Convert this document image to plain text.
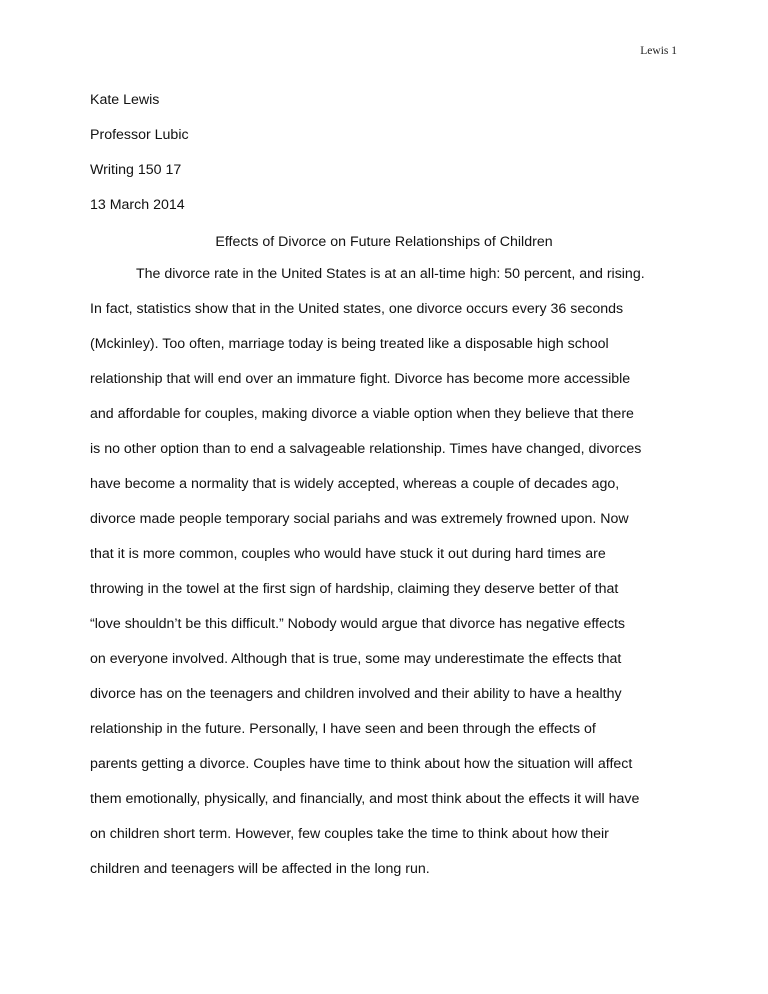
Lewis 1
Kate Lewis
Professor Lubic
Writing 150 17
13 March 2014
Effects of Divorce on Future Relationships of Children
The divorce rate in the United States is at an all-time high: 50 percent, and rising.
In fact, statistics show that in the United states, one divorce occurs every 36 seconds
(Mckinley). Too often, marriage today is being treated like a disposable high school
relationship that will end over an immature fight. Divorce has become more accessible
and affordable for couples, making divorce a viable option when they believe that there
is no other option than to end a salvageable relationship. Times have changed, divorces
have become a normality that is widely accepted, whereas a couple of decades ago,
divorce made people temporary social pariahs and was extremely frowned upon. Now
that it is more common, couples who would have stuck it out during hard times are
throwing in the towel at the first sign of hardship, claiming they deserve better of that
“love shouldn’t be this difficult.” Nobody would argue that divorce has negative effects
on everyone involved. Although that is true, some may underestimate the effects that
divorce has on the teenagers and children involved and their ability to have a healthy
relationship in the future. Personally, I have seen and been through the effects of
parents getting a divorce. Couples have time to think about how the situation will affect
them emotionally, physically, and financially, and most think about the effects it will have
on children short term. However, few couples take the time to think about how their
children and teenagers will be affected in the long run.
